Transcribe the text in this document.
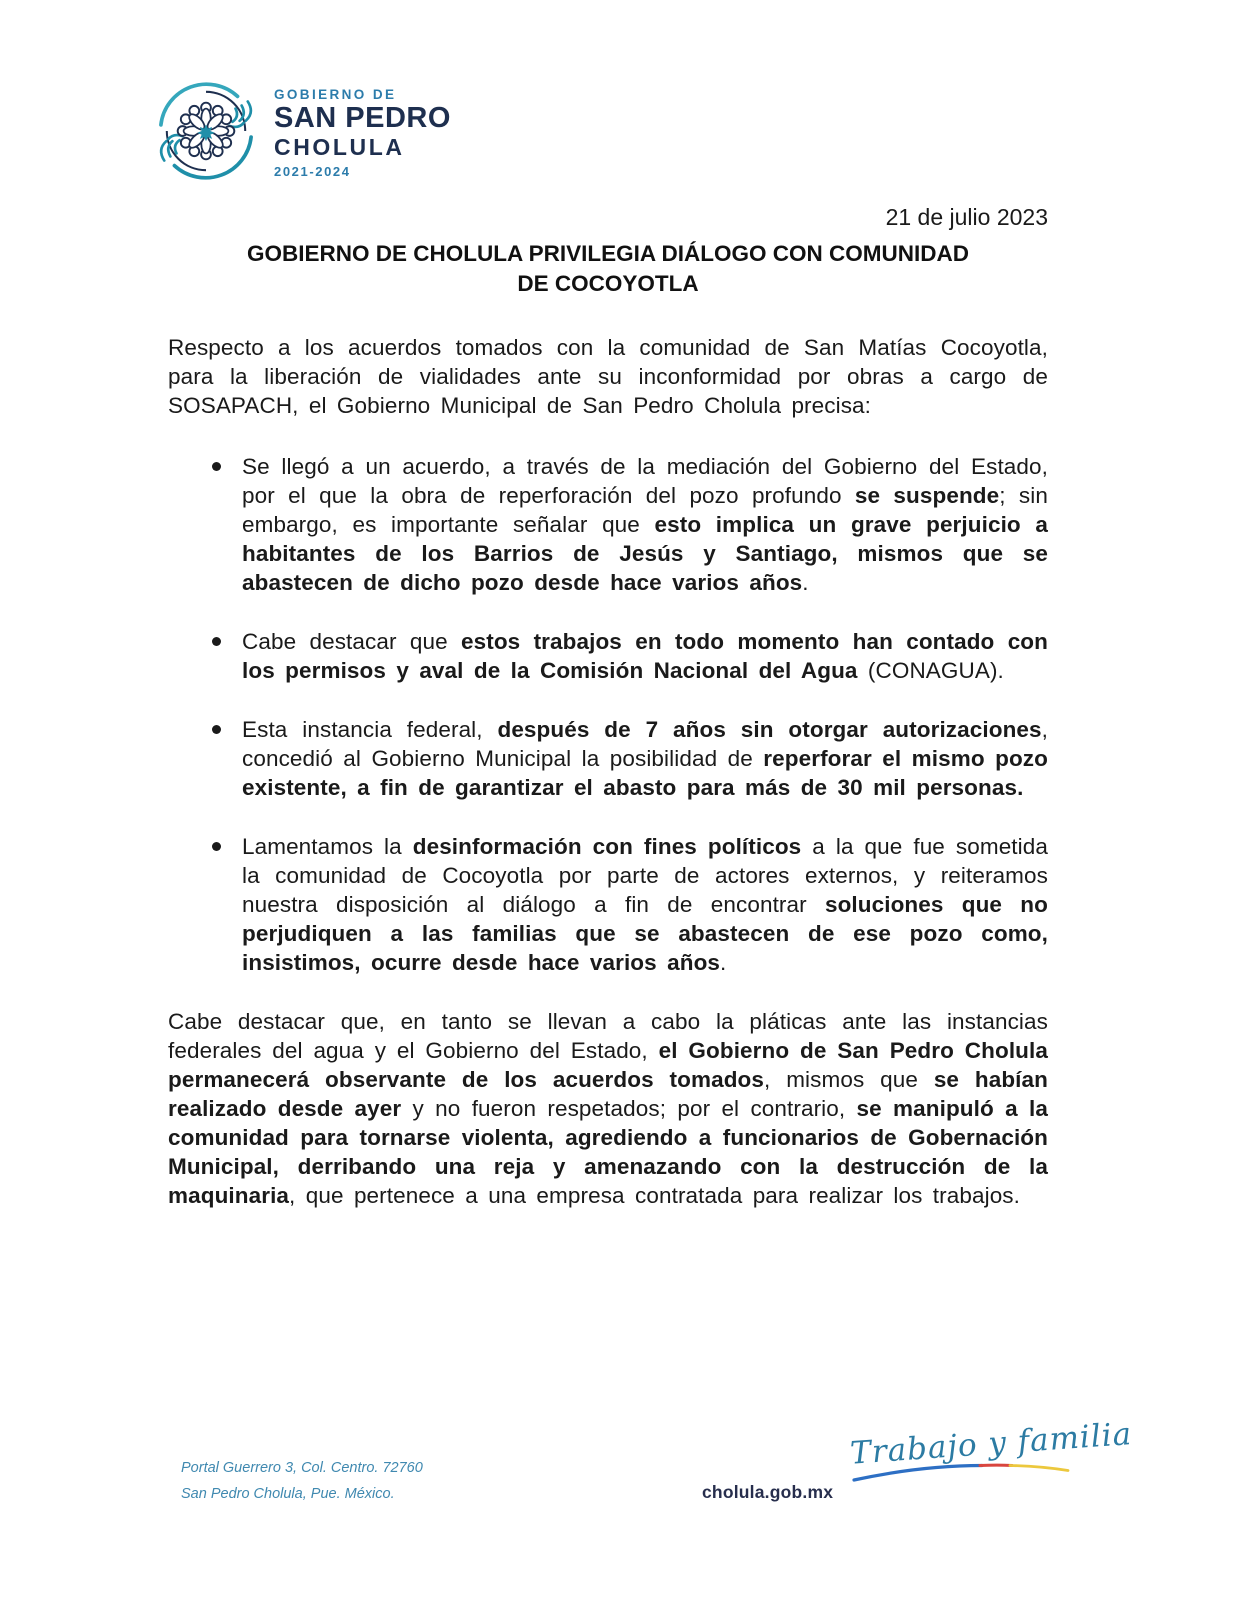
GOBIERNO DE
SAN PEDRO
CHOLULA
2021-2024
21 de julio 2023
GOBIERNO DE CHOLULA PRIVILEGIA DIÁLOGO CON COMUNIDAD
DE COCOYOTLA

Respecto a los acuerdos tomados con la comunidad de San Matías Cocoyotla, para la liberación de vialidades ante su inconformidad por obras a cargo de SOSAPACH, el Gobierno Municipal de San Pedro Cholula precisa:

Se llegó a un acuerdo, a través de la mediación del Gobierno del Estado, por el que la obra de reperforación del pozo profundo se suspende; sin embargo, es importante señalar que esto implica un grave perjuicio a habitantes de los Barrios de Jesús y Santiago, mismos que se abastecen de dicho pozo desde hace varios años.
Cabe destacar que estos trabajos en todo momento han contado con los permisos y aval de la Comisión Nacional del Agua (CONAGUA).
Esta instancia federal, después de 7 años sin otorgar autorizaciones, concedió al Gobierno Municipal la posibilidad de reperforar el mismo pozo existente, a fin de garantizar el abasto para más de 30 mil personas.
Lamentamos la desinformación con fines políticos a la que fue sometida la comunidad de Cocoyotla por parte de actores externos, y reiteramos nuestra disposición al diálogo a fin de encontrar soluciones que no perjudiquen a las familias que se abastecen de ese pozo como, insistimos, ocurre desde hace varios años.

Cabe destacar que, en tanto se llevan a cabo la pláticas ante las instancias federales del agua y el Gobierno del Estado, el Gobierno de San Pedro Cholula permanecerá observante de los acuerdos tomados, mismos que se habían realizado desde ayer y no fueron respetados; por el contrario, se manipuló a la comunidad para tornarse violenta, agrediendo a funcionarios de Gobernación Municipal, derribando una reja y amenazando con la destrucción de la maquinaria, que pertenece a una empresa contratada para realizar los trabajos.

Portal Guerrero 3, Col. Centro. 72760
San Pedro Cholula, Pue. México.	cholula.gob.mx
Trabajo y familia
